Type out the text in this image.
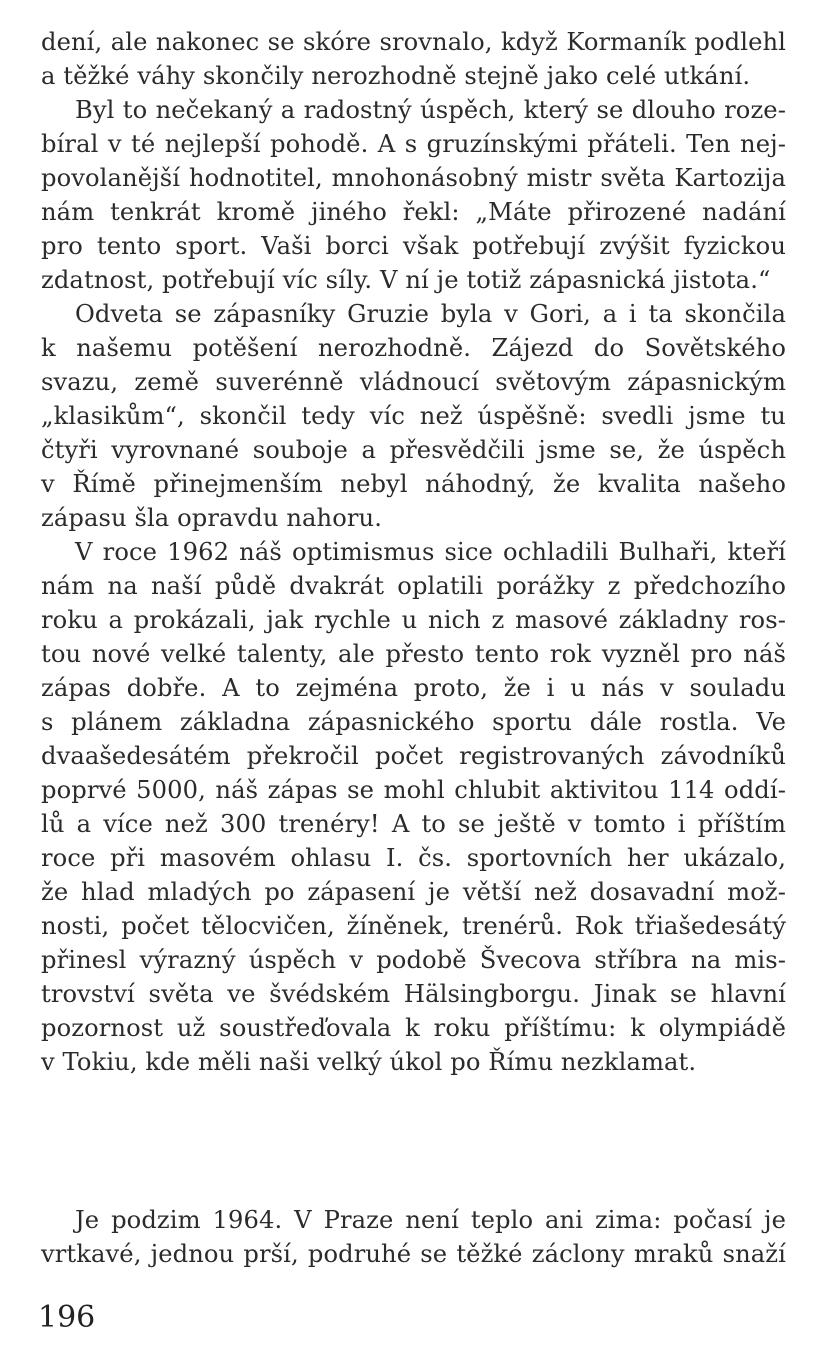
dení, ale nakonec se skóre srovnalo, když Kormaník podlehl
a těžké váhy skončily nerozhodně stejně jako celé utkání.
Byl to nečekaný a radostný úspěch, který se dlouho roze-
bíral v té nejlepší pohodě. A s gruzínskými přáteli. Ten nej-
povolanější hodnotitel, mnohonásobný mistr světa Kartozija
nám tenkrát kromě jiného řekl: „Máte přirozené nadání
pro tento sport. Vaši borci však potřebují zvýšit fyzickou
zdatnost, potřebují víc síly. V ní je totiž zápasnická jistota.“
Odveta se zápasníky Gruzie byla v Gori, a i ta skončila
k našemu potěšení nerozhodně. Zájezd do Sovětského
svazu, země suverénně vládnoucí světovým zápasnickým
„klasikům“, skončil tedy víc než úspěšně: svedli jsme tu
čtyři vyrovnané souboje a přesvědčili jsme se, že úspěch
v Římě přinejmenším nebyl náhodný, že kvalita našeho
zápasu šla opravdu nahoru.
V roce 1962 náš optimismus sice ochladili Bulhaři, kteří
nám na naší půdě dvakrát oplatili porážky z předchozího
roku a prokázali, jak rychle u nich z masové základny ros-
tou nové velké talenty, ale přesto tento rok vyzněl pro náš
zápas dobře. A to zejména proto, že i u nás v souladu
s plánem základna zápasnického sportu dále rostla. Ve
dvaašedesátém překročil počet registrovaných závodníků
poprvé 5000, náš zápas se mohl chlubit aktivitou 114 oddí-
lů a více než 300 trenéry! A to se ještě v tomto i příštím
roce při masovém ohlasu I. čs. sportovních her ukázalo,
že hlad mladých po zápasení je větší než dosavadní mož-
nosti, počet tělocvičen, žíněnek, trenérů. Rok třiašedesátý
přinesl výrazný úspěch v podobě Švecova stříbra na mis-
trovství světa ve švédském Hälsingborgu. Jinak se hlavní
pozornost už soustřeďovala k roku příštímu: k olympiádě
v Tokiu, kde měli naši velký úkol po Římu nezklamat.
Je podzim 1964. V Praze není teplo ani zima: počasí je
vrtkavé, jednou prší, podruhé se těžké záclony mraků snaží
196
